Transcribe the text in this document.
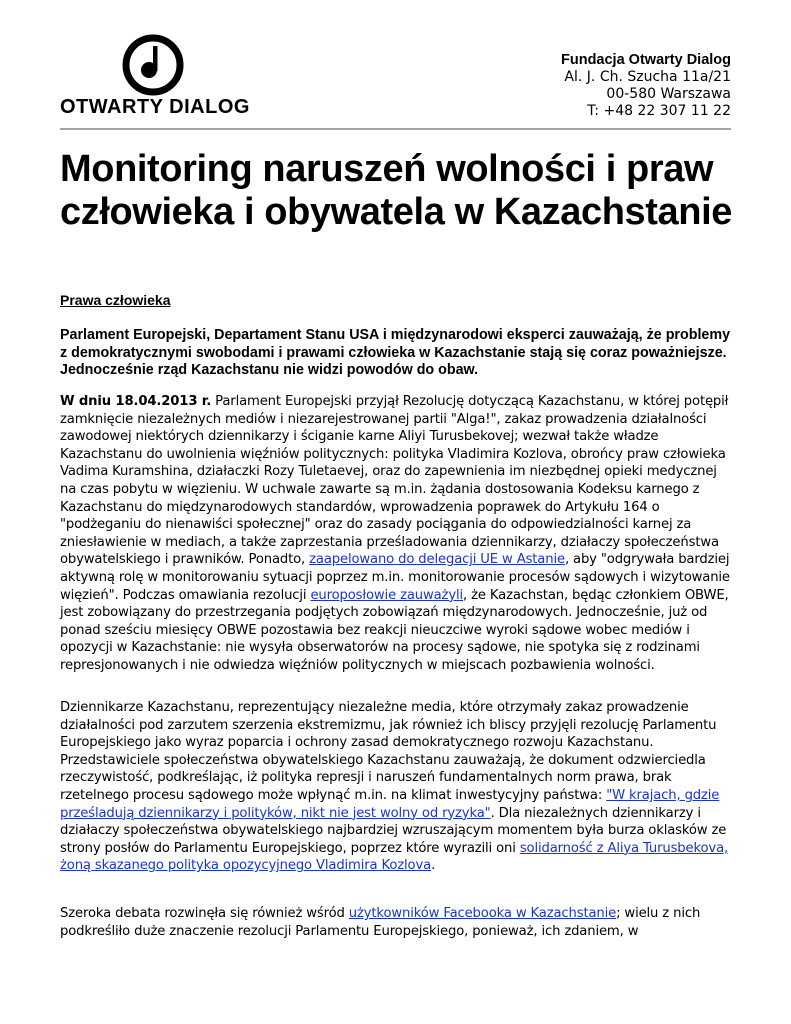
OTWARTY DIALOG
Fundacja Otwarty Dialog
Al. J. Ch. Szucha 11a/21
00-580 Warszawa
T: +48 22 307 11 22
Monitoring naruszeń wolności i praw człowieka i obywatela w Kazachstanie
Prawa człowieka

Parlament Europejski, Departament Stanu USA i międzynarodowi eksperci zauważają, że problemy z demokratycznymi swobodami i prawami człowieka w Kazachstanie stają się coraz poważniejsze. Jednocześnie rząd Kazachstanu nie widzi powodów do obaw.

W dniu 18.04.2013 r. Parlament Europejski przyjął Rezolucję dotyczącą Kazachstanu, w której potępił zamknięcie niezależnych mediów i niezarejestrowanej partii "Alga!", zakaz prowadzenia działalności zawodowej niektórych dziennikarzy i ściganie karne Aliyi Turusbekovej; wezwał także władze Kazachstanu do uwolnienia więźniów politycznych: polityka Vladimira Kozlova, obrońcy praw człowieka Vadima Kuramshina, działaczki Rozy Tuletaevej, oraz do zapewnienia im niezbędnej opieki medycznej na czas pobytu w więzieniu. W uchwale zawarte są m.in. żądania dostosowania Kodeksu karnego z Kazachstanu do międzynarodowych standardów, wprowadzenia poprawek do Artykułu 164 o "podżeganiu do nienawiści społecznej" oraz do zasady pociągania do odpowiedzialności karnej za zniesławienie w mediach, a także zaprzestania prześladowania dziennikarzy, działaczy społeczeństwa obywatelskiego i prawników. Ponadto, zaapelowano do delegacji UE w Astanie, aby "odgrywała bardziej aktywną rolę w monitorowaniu sytuacji poprzez m.in. monitorowanie procesów sądowych i wizytowanie więzień". Podczas omawiania rezolucji europosłowie zauważyli, że Kazachstan, będąc członkiem OBWE, jest zobowiązany do przestrzegania podjętych zobowiązań międzynarodowych. Jednocześnie, już od ponad sześciu miesięcy OBWE pozostawia bez reakcji nieuczciwe wyroki sądowe wobec mediów i opozycji w Kazachstanie: nie wysyła obserwatorów na procesy sądowe, nie spotyka się z rodzinami represjonowanych i nie odwiedza więźniów politycznych w miejscach pozbawienia wolności.

Dziennikarze Kazachstanu, reprezentujący niezależne media, które otrzymały zakaz prowadzenie działalności pod zarzutem szerzenia ekstremizmu, jak również ich bliscy przyjęli rezolucję Parlamentu Europejskiego jako wyraz poparcia i ochrony zasad demokratycznego rozwoju Kazachstanu. Przedstawiciele społeczeństwa obywatelskiego Kazachstanu zauważają, że dokument odzwierciedla rzeczywistość, podkreślając, iż polityka represji i naruszeń fundamentalnych norm prawa, brak rzetelnego procesu sądowego może wpłynąć m.in. na klimat inwestycyjny państwa: "W krajach, gdzie prześladują dziennikarzy i polityków, nikt nie jest wolny od ryzyka". Dla niezależnych dziennikarzy i działaczy społeczeństwa obywatelskiego najbardziej wzruszającym momentem była burza oklasków ze strony posłów do Parlamentu Europejskiego, poprzez które wyrazili oni solidarność z Aliya Turusbekova, żoną skazanego polityka opozycyjnego Vladimira Kozlova.

Szeroka debata rozwinęła się również wśród użytkowników Facebooka w Kazachstanie; wielu z nich podkreśliło duże znaczenie rezolucji Parlamentu Europejskiego, ponieważ, ich zdaniem, w
